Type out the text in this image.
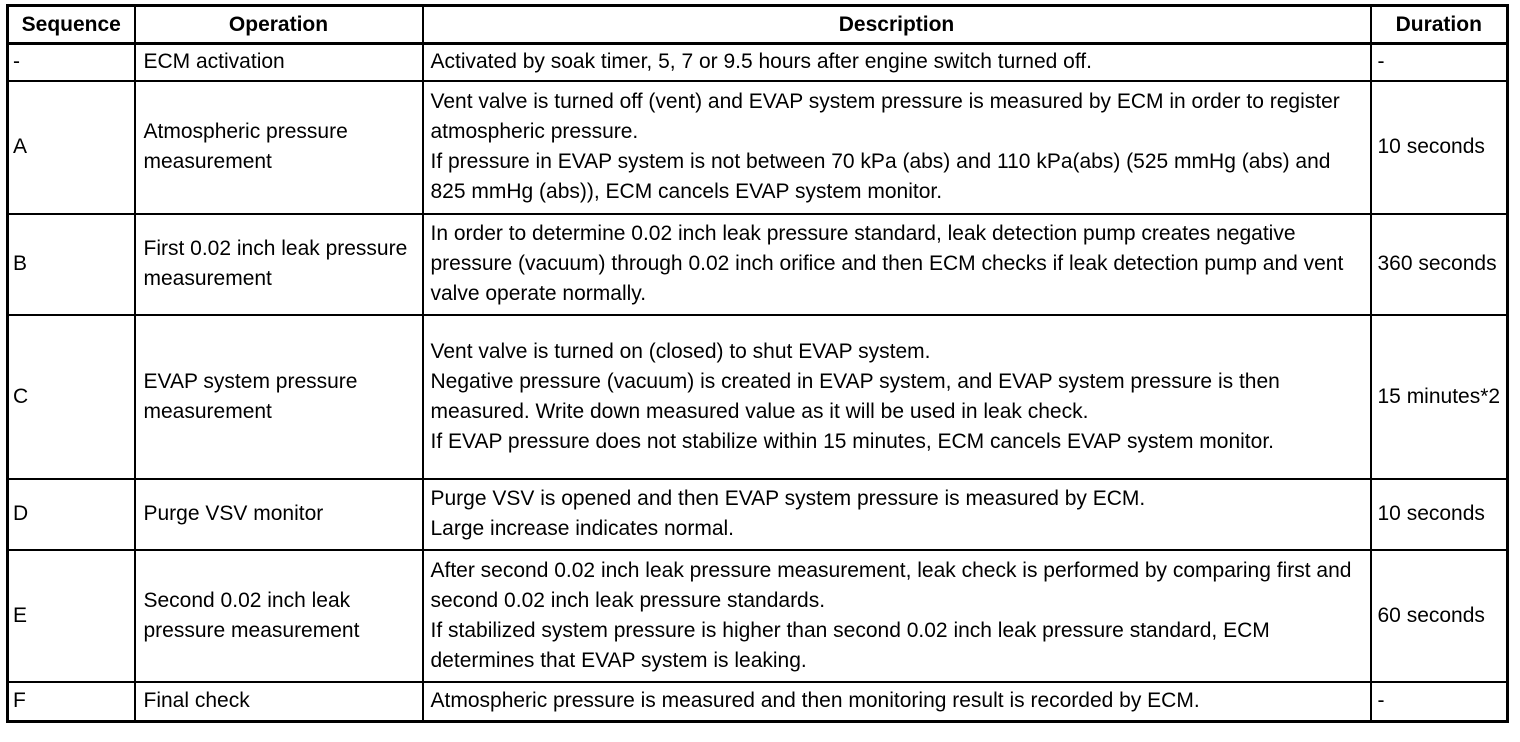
Sequence	Operation	Description	Duration
-	ECM activation	Activated by soak timer, 5, 7 or 9.5 hours after engine switch turned off.	-
A	Atmospheric pressure measurement	Vent valve is turned off (vent) and EVAP system pressure is measured by ECM in order to register atmospheric pressure.
If pressure in EVAP system is not between 70 kPa (abs) and 110 kPa(abs) (525 mmHg (abs) and 825 mmHg (abs)), ECM cancels EVAP system monitor.	10 seconds
B	First 0.02 inch leak pressure measurement	In order to determine 0.02 inch leak pressure standard, leak detection pump creates negative pressure (vacuum) through 0.02 inch orifice and then ECM checks if leak detection pump and vent valve operate normally.	360 seconds
C	EVAP system pressure measurement	Vent valve is turned on (closed) to shut EVAP system.
Negative pressure (vacuum) is created in EVAP system, and EVAP system pressure is then measured. Write down measured value as it will be used in leak check.
If EVAP pressure does not stabilize within 15 minutes, ECM cancels EVAP system monitor.	15 minutes*2
D	Purge VSV monitor	Purge VSV is opened and then EVAP system pressure is measured by ECM.
Large increase indicates normal.	10 seconds
E	Second 0.02 inch leak pressure measurement	After second 0.02 inch leak pressure measurement, leak check is performed by comparing first and second 0.02 inch leak pressure standards.
If stabilized system pressure is higher than second 0.02 inch leak pressure standard, ECM determines that EVAP system is leaking.	60 seconds
F	Final check	Atmospheric pressure is measured and then monitoring result is recorded by ECM.	-
